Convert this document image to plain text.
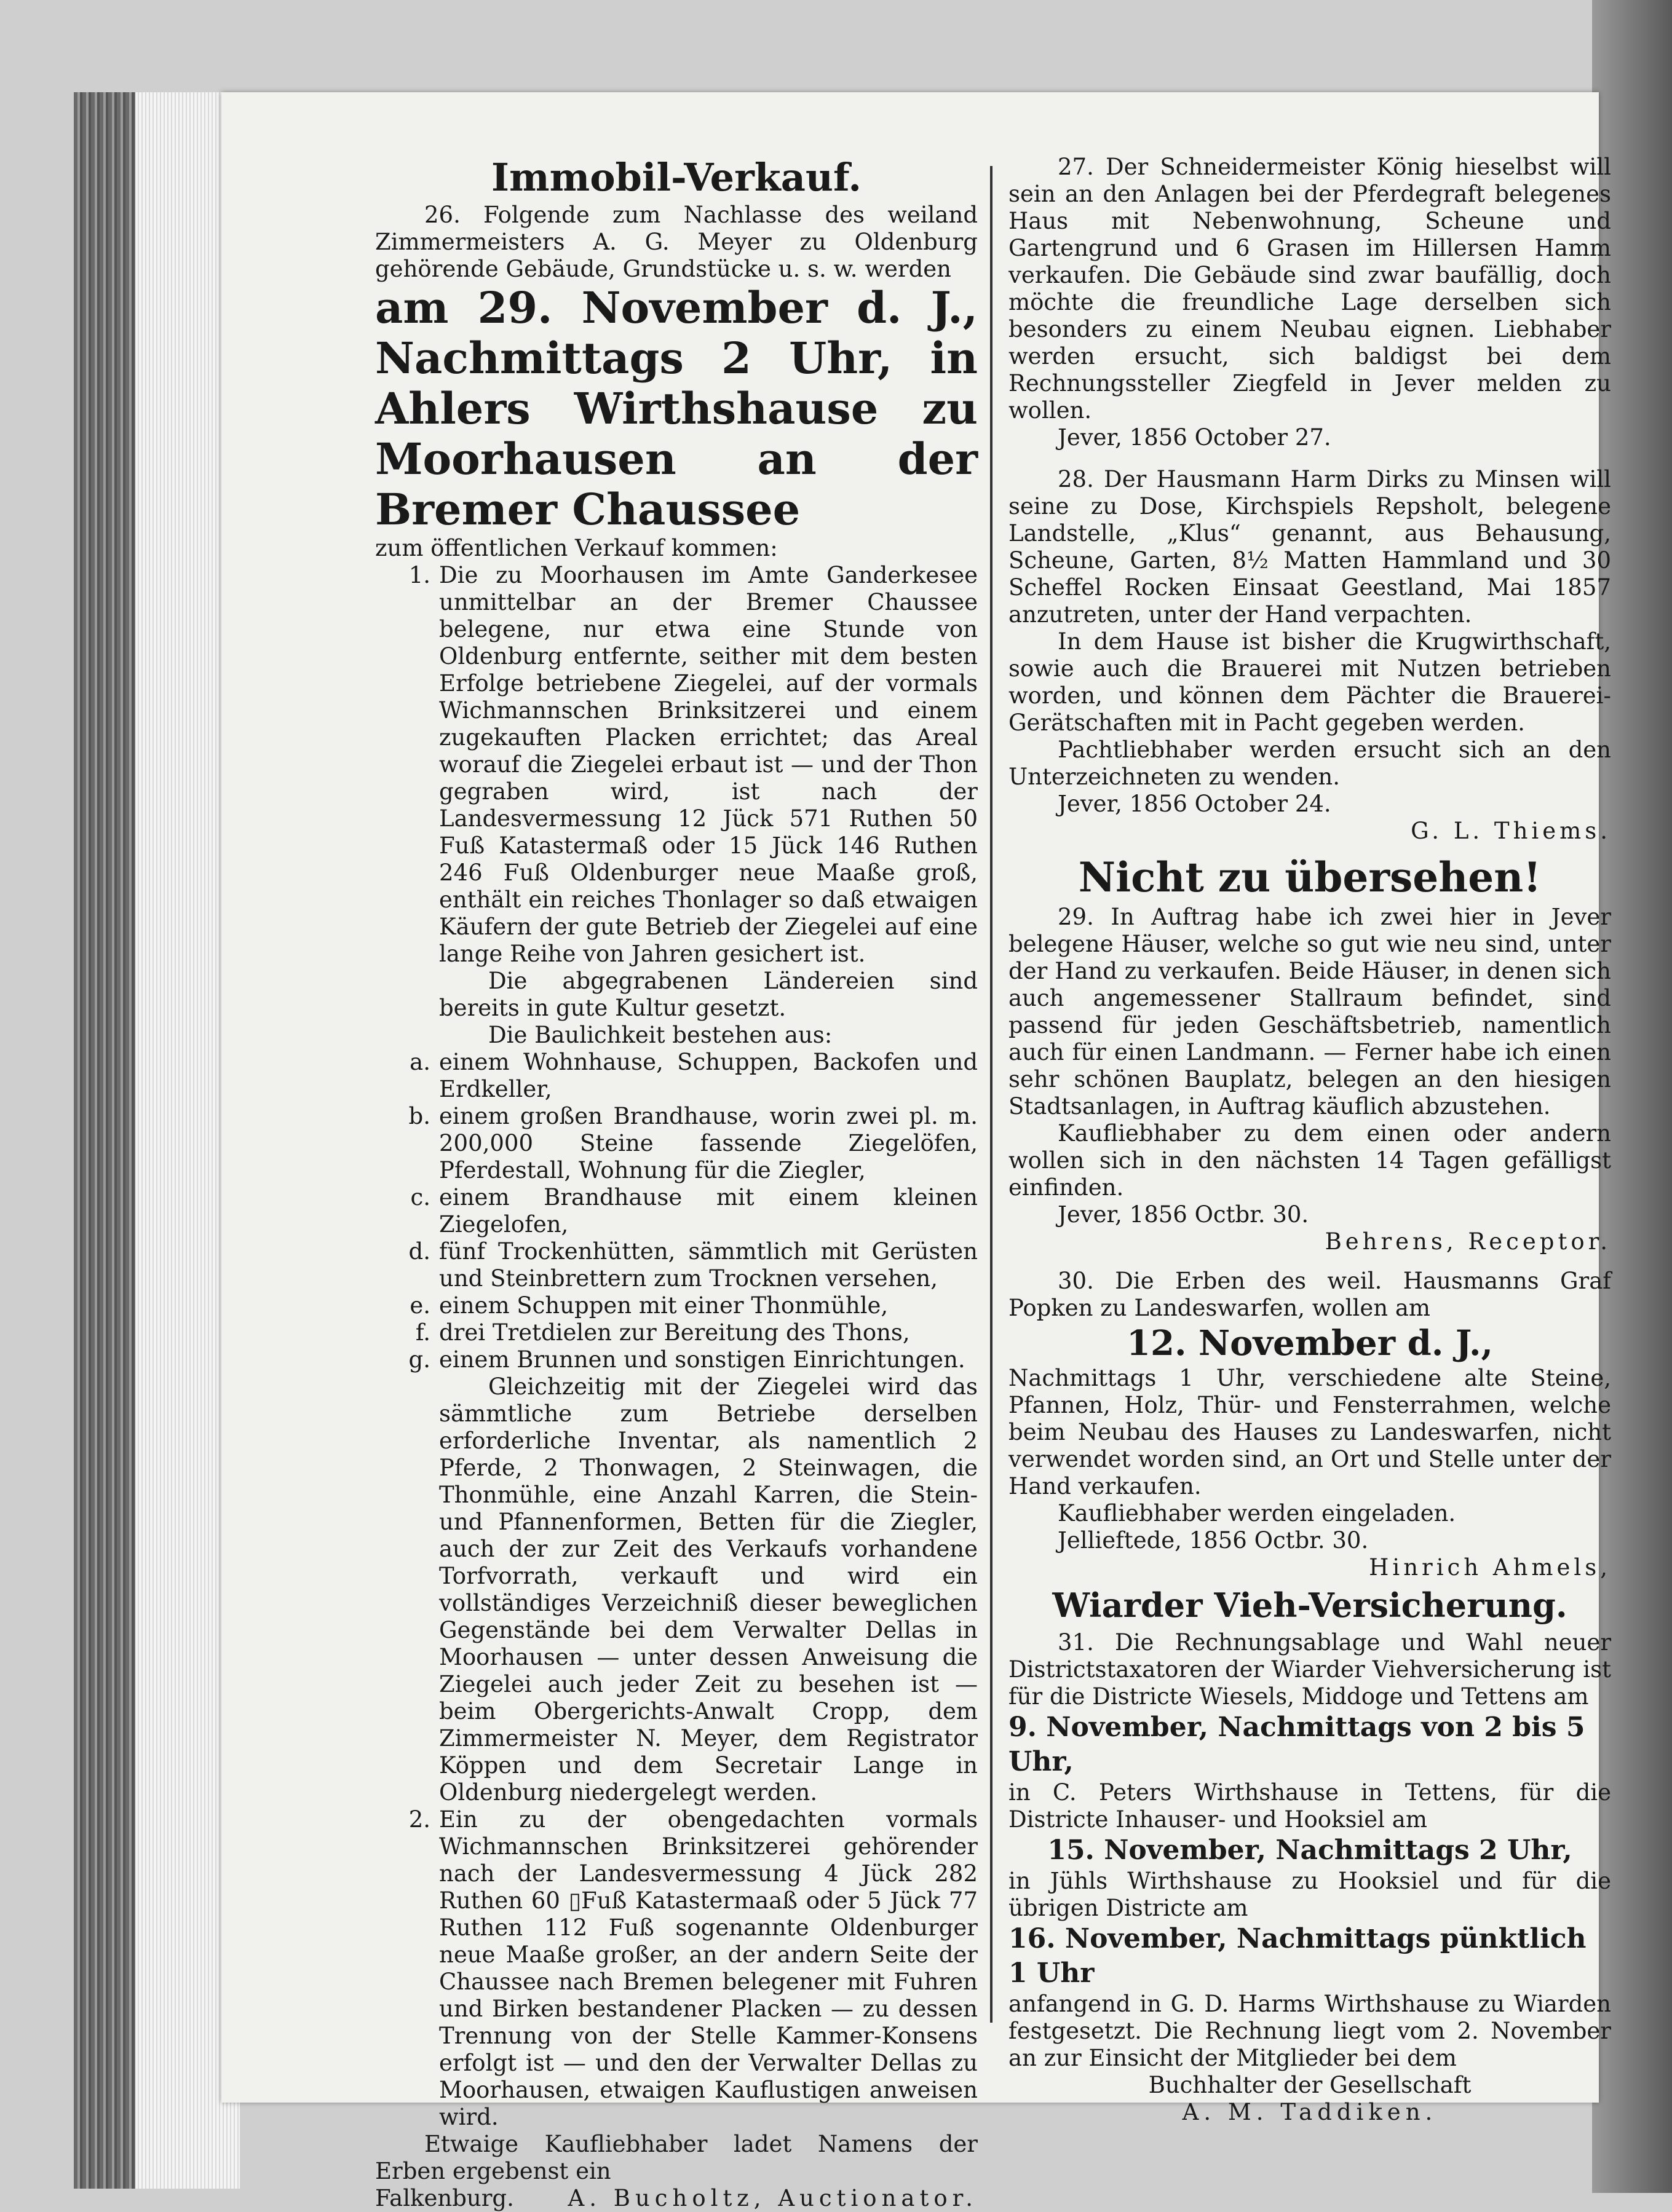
Immobil-Verkauf.

26. Folgende zum Nachlasse des weiland Zimmermeisters A. G. Meyer zu Oldenburg gehörende Gebäude, Grundstücke u. s. w. werden

am 29. November d. J., Nachmittags 2 Uhr, in Ahlers Wirthshause zu Moorhausen an der Bremer Chaussee

zum öffentlichen Verkauf kommen:

1. Die zu Moorhausen im Amte Ganderkesee unmittelbar an der Bremer Chaussee belegene, nur etwa eine Stunde von Oldenburg entfernte, seither mit dem besten Erfolge betriebene Ziegelei, auf der vormals Wichmannschen Brinksitzerei und einem zugekauften Placken errichtet; das Areal worauf die Ziegelei erbaut ist — und der Thon gegraben wird, ist nach der Landesvermessung 12 Jück 571 Ruthen 50 Fuß Katastermaß oder 15 Jück 146 Ruthen 246 Fuß Oldenburger neue Maaße groß, enthält ein reiches Thonlager so daß etwaigen Käufern der gute Betrieb der Ziegelei auf eine lange Reihe von Jahren gesichert ist.

Die abgegrabenen Ländereien sind bereits in gute Kultur gesetzt.

Die Baulichkeit bestehen aus:

a. einem Wohnhause, Schuppen, Backofen und Erdkeller,
b. einem großen Brandhause, worin zwei pl. m. 200,000 Steine fassende Ziegelöfen, Pferdestall, Wohnung für die Ziegler,
c. einem Brandhause mit einem kleinen Ziegelofen,
d. fünf Trockenhütten, sämmtlich mit Gerüsten und Steinbrettern zum Trocknen versehen,
e. einem Schuppen mit einer Thonmühle,
f. drei Tretdielen zur Bereitung des Thons,
g. einem Brunnen und sonstigen Einrichtungen.

Gleichzeitig mit der Ziegelei wird das sämmtliche zum Betriebe derselben erforderliche Inventar, als namentlich 2 Pferde, 2 Thonwagen, 2 Steinwagen, die Thonmühle, eine Anzahl Karren, die Stein- und Pfannenformen, Betten für die Ziegler, auch der zur Zeit des Verkaufs vorhandene Torfvorrath, verkauft und wird ein vollständiges Verzeichniß dieser beweglichen Gegenstände bei dem Verwalter Dellas in Moorhausen — unter dessen Anweisung die Ziegelei auch jeder Zeit zu besehen ist — beim Obergerichts-Anwalt Cropp, dem Zimmermeister N. Meyer, dem Registrator Köppen und dem Secretair Lange in Oldenburg niedergelegt werden.

2. Ein zu der obengedachten vormals Wichmannschen Brinksitzerei gehörender nach der Landesvermessung 4 Jück 282 Ruthen 60 ▯Fuß Katastermaaß oder 5 Jück 77 Ruthen 112 Fuß sogenannte Oldenburger neue Maaße großer, an der andern Seite der Chaussee nach Bremen belegener mit Fuhren und Birken bestandener Placken — zu dessen Trennung von der Stelle Kammer-Konsens erfolgt ist — und den der Verwalter Dellas zu Moorhausen, etwaigen Kauflustigen anweisen wird.

Etwaige Kaufliebhaber ladet Namens der Erben ergebenst ein

Falkenburg. A. Bucholtz, Auctionator.

27. Der Schneidermeister König hieselbst will sein an den Anlagen bei der Pferdegraft belegenes Haus mit Nebenwohnung, Scheune und Gartengrund und 6 Grasen im Hillersen Hamm verkaufen. Die Gebäude sind zwar baufällig, doch möchte die freundliche Lage derselben sich besonders zu einem Neubau eignen. Liebhaber werden ersucht, sich baldigst bei dem Rechnungssteller Ziegfeld in Jever melden zu wollen.

Jever, 1856 October 27.

28. Der Hausmann Harm Dirks zu Minsen will seine zu Dose, Kirchspiels Repsholt, belegene Landstelle, „Klus“ genannt, aus Behausung, Scheune, Garten, 8½ Matten Hammland und 30 Scheffel Rocken Einsaat Geestland, Mai 1857 anzutreten, unter der Hand verpachten.

In dem Hause ist bisher die Krugwirthschaft, sowie auch die Brauerei mit Nutzen betrieben worden, und können dem Pächter die Brauerei-Gerätschaften mit in Pacht gegeben werden.

Pachtliebhaber werden ersucht sich an den Unterzeichneten zu wenden.

Jever, 1856 October 24.

G. L. Thiems.

Nicht zu übersehen!

29. In Auftrag habe ich zwei hier in Jever belegene Häuser, welche so gut wie neu sind, unter der Hand zu verkaufen. Beide Häuser, in denen sich auch angemessener Stallraum befindet, sind passend für jeden Geschäftsbetrieb, namentlich auch für einen Landmann. — Ferner habe ich einen sehr schönen Bauplatz, belegen an den hiesigen Stadtsanlagen, in Auftrag käuflich abzustehen.

Kaufliebhaber zu dem einen oder andern wollen sich in den nächsten 14 Tagen gefälligst einfinden.

Jever, 1856 Octbr. 30.

Behrens, Receptor.

30. Die Erben des weil. Hausmanns Graf Popken zu Landeswarfen, wollen am

12. November d. J.,

Nachmittags 1 Uhr, verschiedene alte Steine, Pfannen, Holz, Thür- und Fensterrahmen, welche beim Neubau des Hauses zu Landeswarfen, nicht verwendet worden sind, an Ort und Stelle unter der Hand verkaufen.

Kaufliebhaber werden eingeladen.

Jellieftede, 1856 Octbr. 30.

Hinrich Ahmels,

Wiarder Vieh-Versicherung.

31. Die Rechnungsablage und Wahl neuer Districtstaxatoren der Wiarder Viehversicherung ist für die Districte Wiesels, Middoge und Tettens am

9. November, Nachmittags von 2 bis 5 Uhr,

in C. Peters Wirthshause in Tettens, für die Districte Inhauser- und Hooksiel am

15. November, Nachmittags 2 Uhr,

in Jühls Wirthshause zu Hooksiel und für die übrigen Districte am

16. November, Nachmittags pünktlich 1 Uhr

anfangend in G. D. Harms Wirthshause zu Wiarden festgesetzt. Die Rechnung liegt vom 2. November an zur Einsicht der Mitglieder bei dem

Buchhalter der Gesellschaft

A. M. Taddiken.
